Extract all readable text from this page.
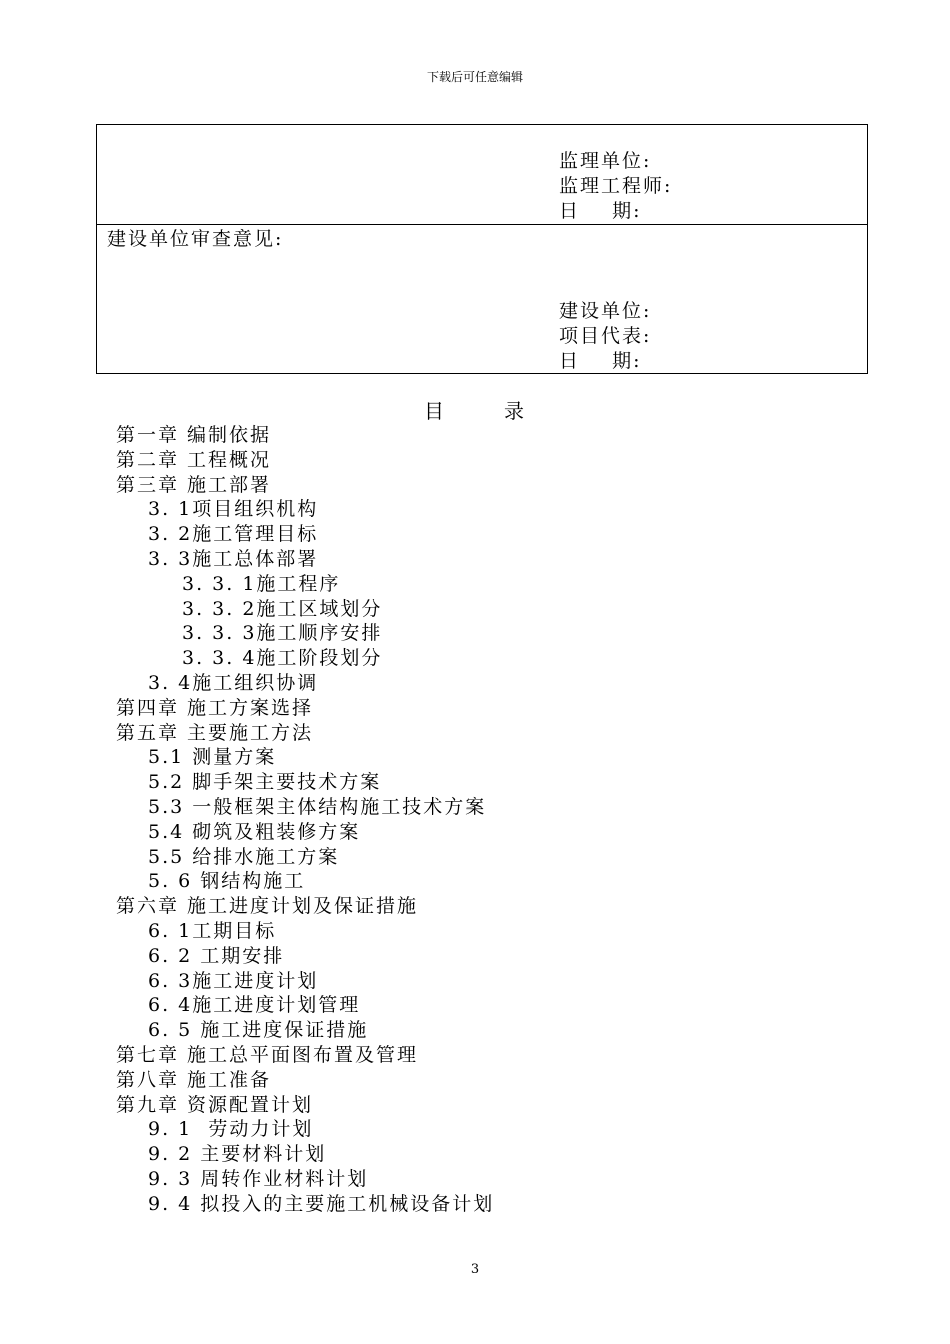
下载后可任意编辑
监理单位:
监理工程师:
日    期:
建设单位审查意见:
建设单位:
项目代表:
日    期:
目	录
第一章 编制依据
第二章 工程概况
第三章 施工部署
3. 1项目组织机构
3. 2施工管理目标
3. 3施工总体部署
3. 3. 1施工程序
3. 3. 2施工区域划分
3. 3. 3施工顺序安排
3. 3. 4施工阶段划分
3. 4施工组织协调
第四章 施工方案选择
第五章 主要施工方法
5.1 测量方案
5.2 脚手架主要技术方案
5.3 一般框架主体结构施工技术方案
5.4 砌筑及粗装修方案
5.5 给排水施工方案
5. 6 钢结构施工
第六章 施工进度计划及保证措施
6. 1工期目标
6. 2 工期安排
6. 3施工进度计划
6. 4施工进度计划管理
6. 5 施工进度保证措施
第七章 施工总平面图布置及管理
第八章 施工准备
第九章 资源配置计划
9. 1  劳动力计划
9. 2 主要材料计划
9. 3 周转作业材料计划
9. 4 拟投入的主要施工机械设备计划
3
